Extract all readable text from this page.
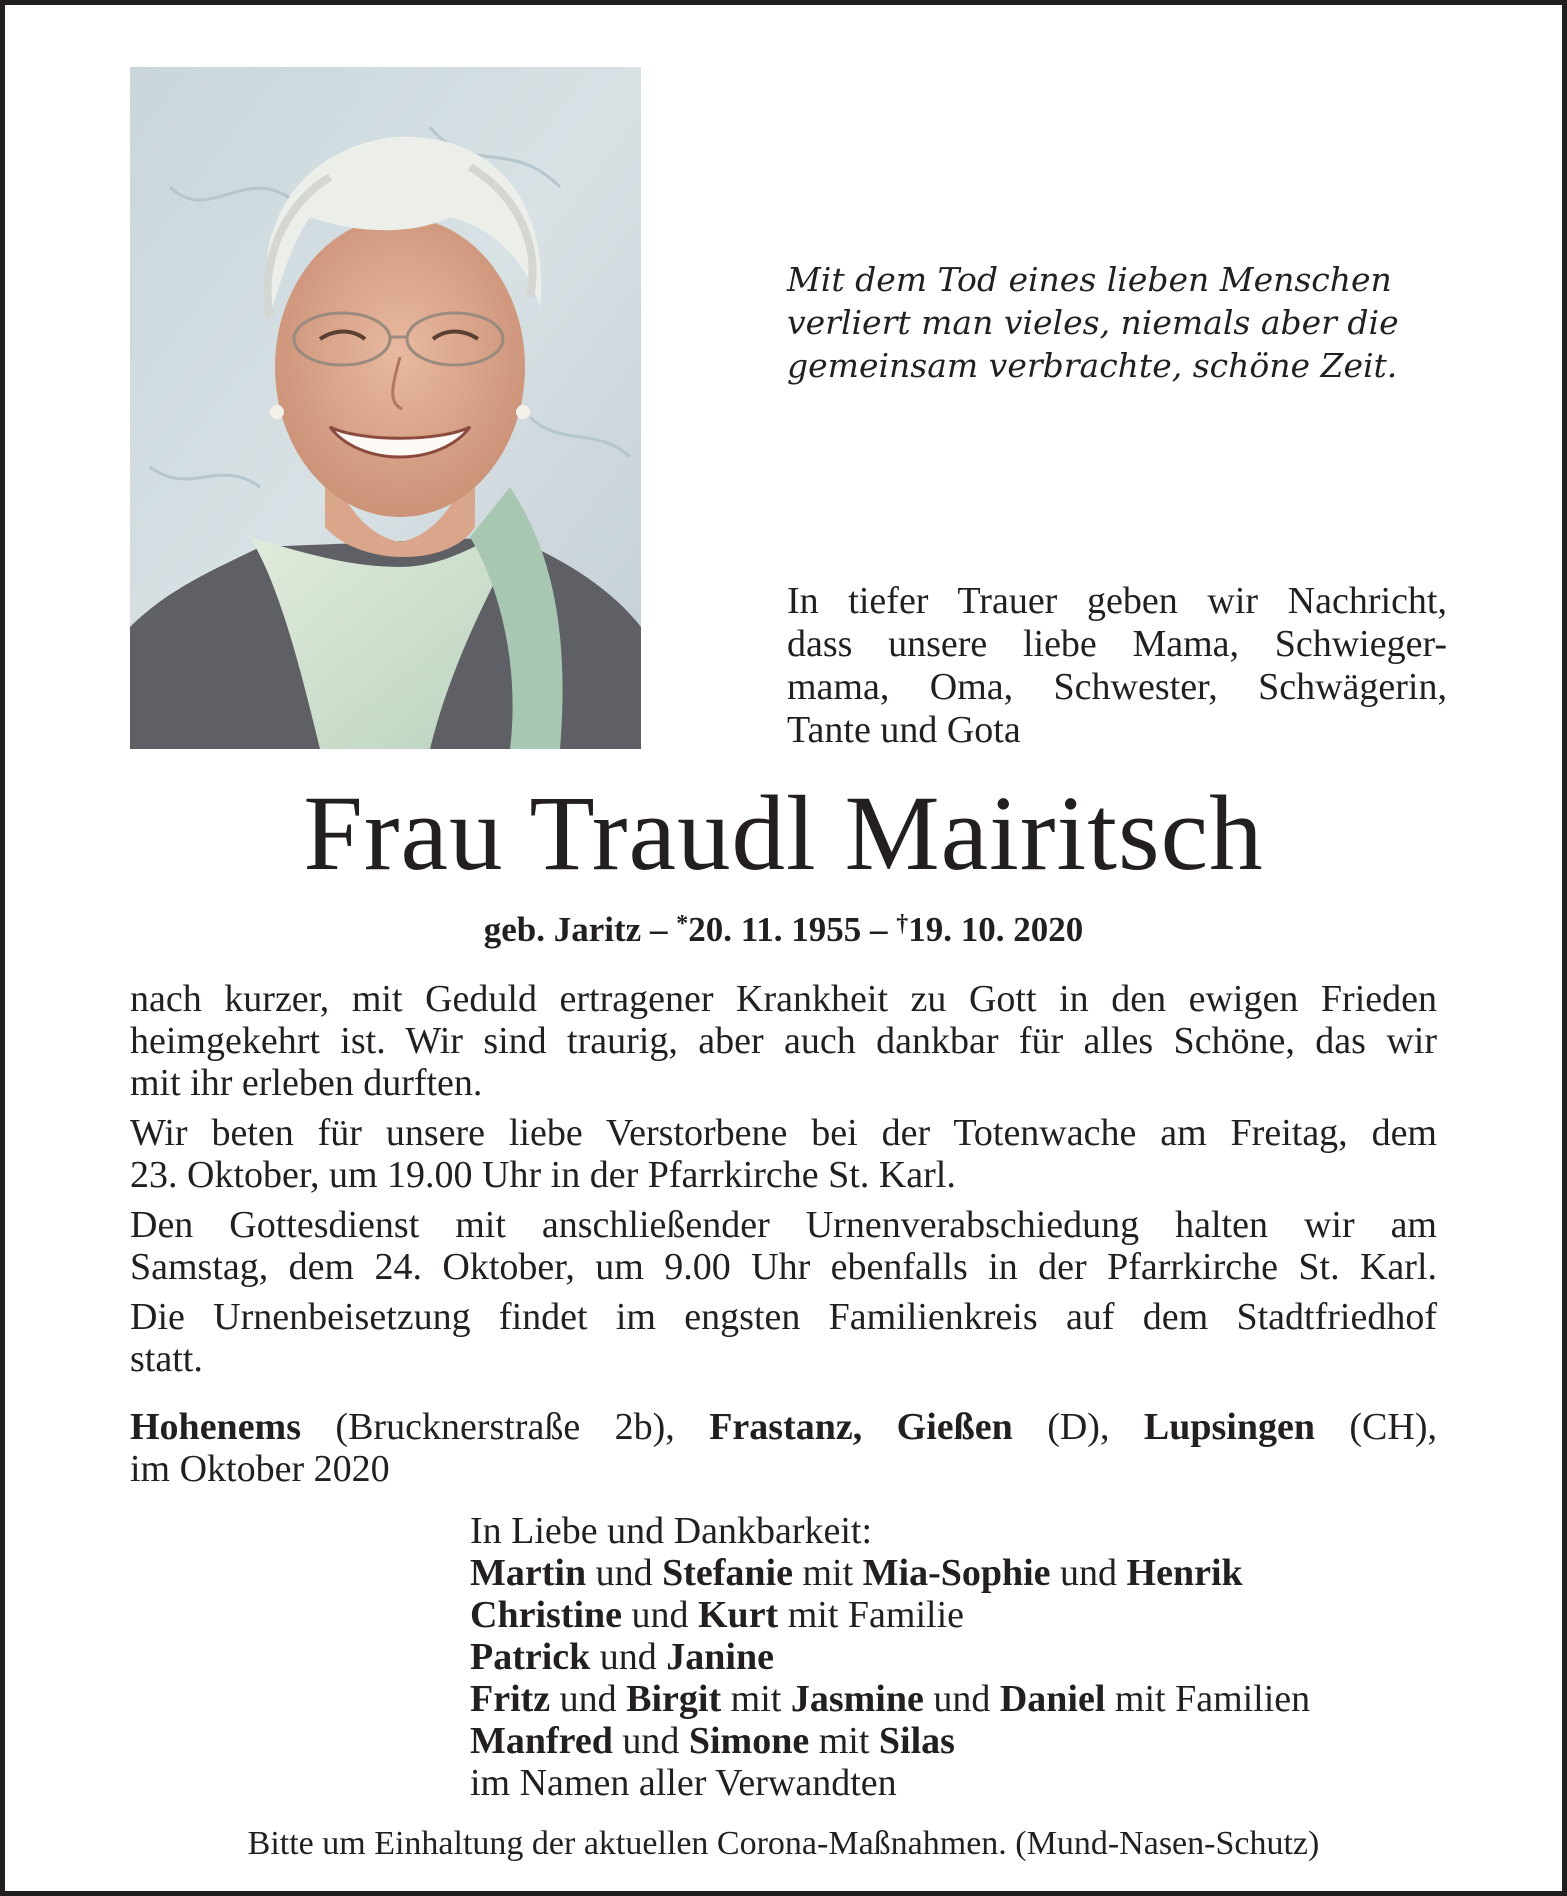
Mit dem Tod eines lieben Menschen
verliert man vieles, niemals aber die
gemeinsam verbrachte, schöne Zeit.
In tiefer Trauer geben wir Nachricht,
dass unsere liebe Mama, Schwieger-
mama, Oma, Schwester, Schwägerin,
Tante und Gota
Frau Traudl Mairitsch
geb. Jaritz – *20. 11. 1955 – †19. 10. 2020

nach kurzer, mit Geduld ertragener Krankheit zu Gott in den ewigen Frieden
heimgekehrt ist. Wir sind traurig, aber auch dankbar für alles Schöne, das wir
mit ihr erleben durften.

Wir beten für unsere liebe Verstorbene bei der Totenwache am Freitag, dem
23. Oktober, um 19.00 Uhr in der Pfarrkirche St. Karl.

Den Gottesdienst mit anschließender Urnenverabschiedung halten wir am
Samstag, dem 24. Oktober, um 9.00 Uhr ebenfalls in der Pfarrkirche St. Karl.

Die Urnenbeisetzung findet im engsten Familienkreis auf dem Stadtfriedhof
statt.

Hohenems (Brucknerstraße 2b), Frastanz, Gießen (D), Lupsingen (CH),
im Oktober 2020
In Liebe und Dankbarkeit:
Martin und Stefanie mit Mia-Sophie und Henrik
Christine und Kurt mit Familie
Patrick und Janine
Fritz und Birgit mit Jasmine und Daniel mit Familien
Manfred und Simone mit Silas
im Namen aller Verwandten
Bitte um Einhaltung der aktuellen Corona-Maßnahmen. (Mund-Nasen-Schutz)
